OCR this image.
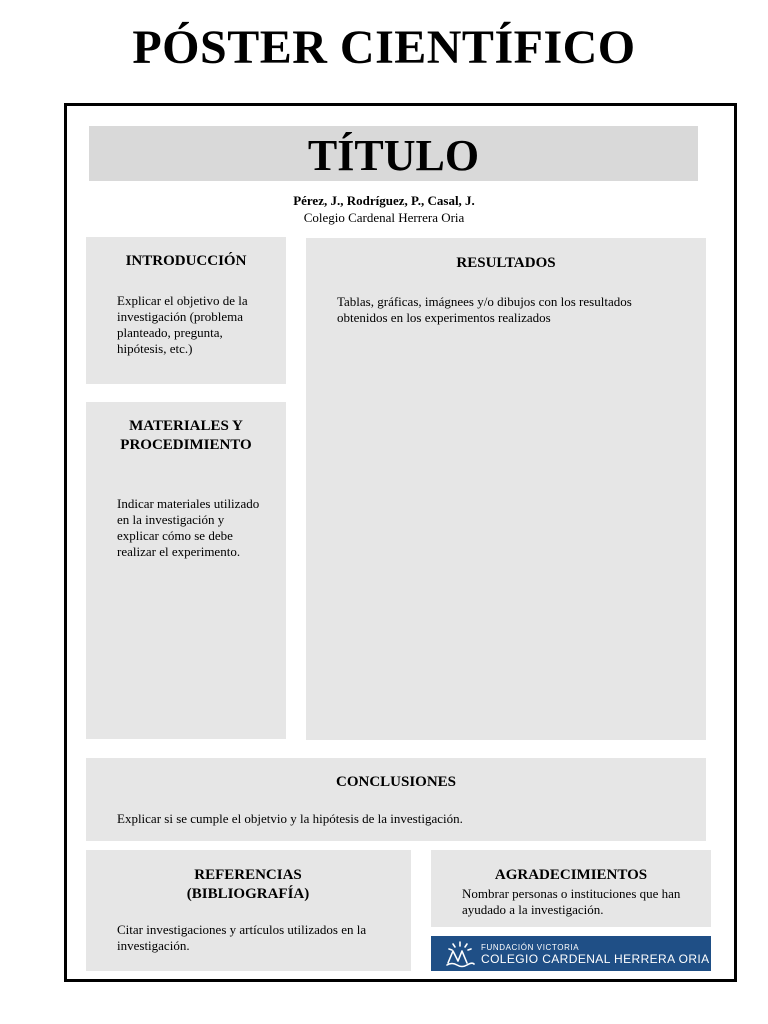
PÓSTER CIENTÍFICO
TÍTULO
Pérez, J., Rodríguez, P., Casal, J.
Colegio Cardenal Herrera Oria
INTRODUCCIÓN

Explicar el objetivo de la investigación (problema planteado, pregunta, hipótesis, etc.)

MATERIALES Y PROCEDIMIENTO

Indicar materiales utilizado en la investigación y explicar cómo se debe realizar el experimento.

RESULTADOS

Tablas, gráficas, imágnees y/o dibujos con los resultados obtenidos en los experimentos realizados

CONCLUSIONES

Explicar si se cumple el objetvio y la hipótesis de la investigación.

REFERENCIAS (BIBLIOGRAFÍA)

Citar investigaciones y artículos utilizados en la investigación.

AGRADECIMIENTOS

Nombrar personas o instituciones que han ayudado a la investigación.

FUNDACIÓN VICTORIA
COLEGIO CARDENAL HERRERA ORIA
